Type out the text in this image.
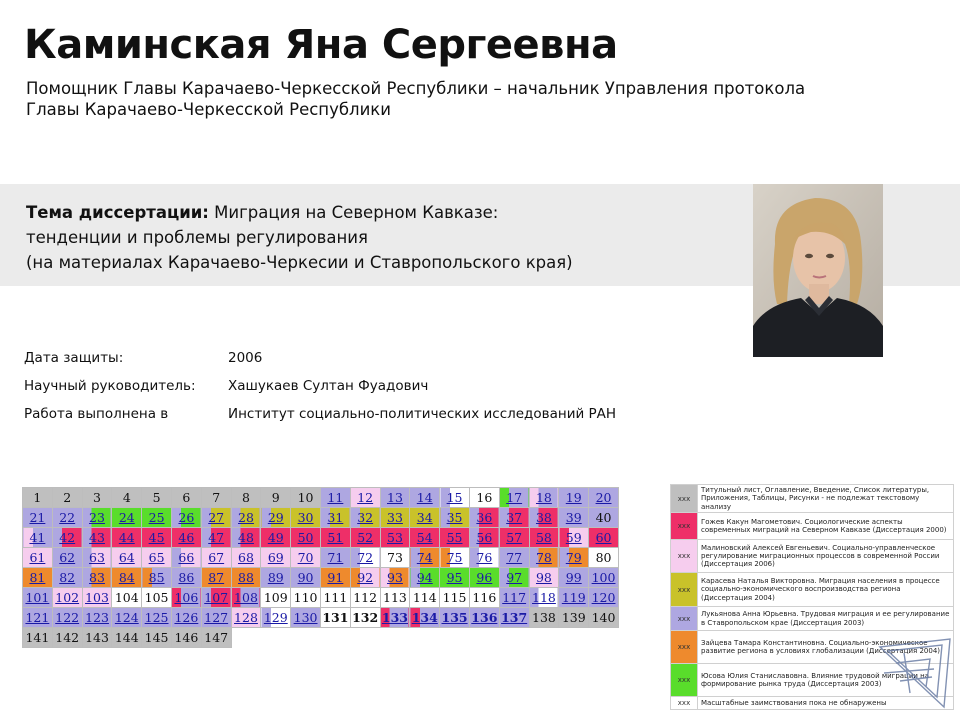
Каминская Яна Сергеевна
Помощник Главы Карачаево-Черкесской Республики – начальник Управления протокола
Главы Карачаево-Черкесской Республики
Тема диссертации: Миграция на Северном Кавказе:
тенденции и проблемы регулирования
(на материалах Карачаево-Черкесии и Ставропольского края)
Дата защиты:	2006
Научный руководитель:	Хашукаев Султан Фуадович
Работа выполнена в	Институт социально-политических исследований РАН
1	2	3	4	5	6	7	8	9	10	11	12	13	14	15	16	17	18	19	20
21	22	23	24	25	26	27	28	29	30	31	32	33	34	35	36	37	38	39	40
41	42	43	44	45	46	47	48	49	50	51	52	53	54	55	56	57	58	59	60
61	62	63	64	65	66	67	68	69	70	71	72	73	74	75	76	77	78	79	80
81	82	83	84	85	86	87	88	89	90	91	92	93	94	95	96	97	98	99	100
101	102	103	104	105	106	107	108	109	110	111	112	113	114	115	116	117	118	119	120
121	122	123	124	125	126	127	128	129	130	131	132	133	134	135	136	137	138	139	140
141	142	143	144	145	146	147													
xxx	Титульный лист, Оглавление, Введение, Список литературы, Приложения, Таблицы, Рисунки - не подлежат текстовому анализу
xxx	Гожев Какун Магометович. Социологические аспекты современных миграций на Северном Кавказе (Диссертация 2000)
xxx	Малиновский Алексей Евгеньевич. Социально-управленческое регулирование миграционных процессов в современной России (Диссертация 2006)
xxx	Карасева Наталья Викторовна. Миграция населения в процессе социально-экономического воспроизводства региона (Диссертация 2004)
xxx	Лукьянова Анна Юрьевна. Трудовая миграция и ее регулирование в Ставропольском крае (Диссертация 2003)
xxx	Зайцева Тамара Константиновна. Социально-экономическое развитие региона в условиях глобализации (Диссертация 2004)
xxx	Юсова Юлия Станиславовна. Влияние трудовой миграции на формирование рынка труда (Диссертация 2003)
xxx	Масштабные заимствования пока не обнаружены
